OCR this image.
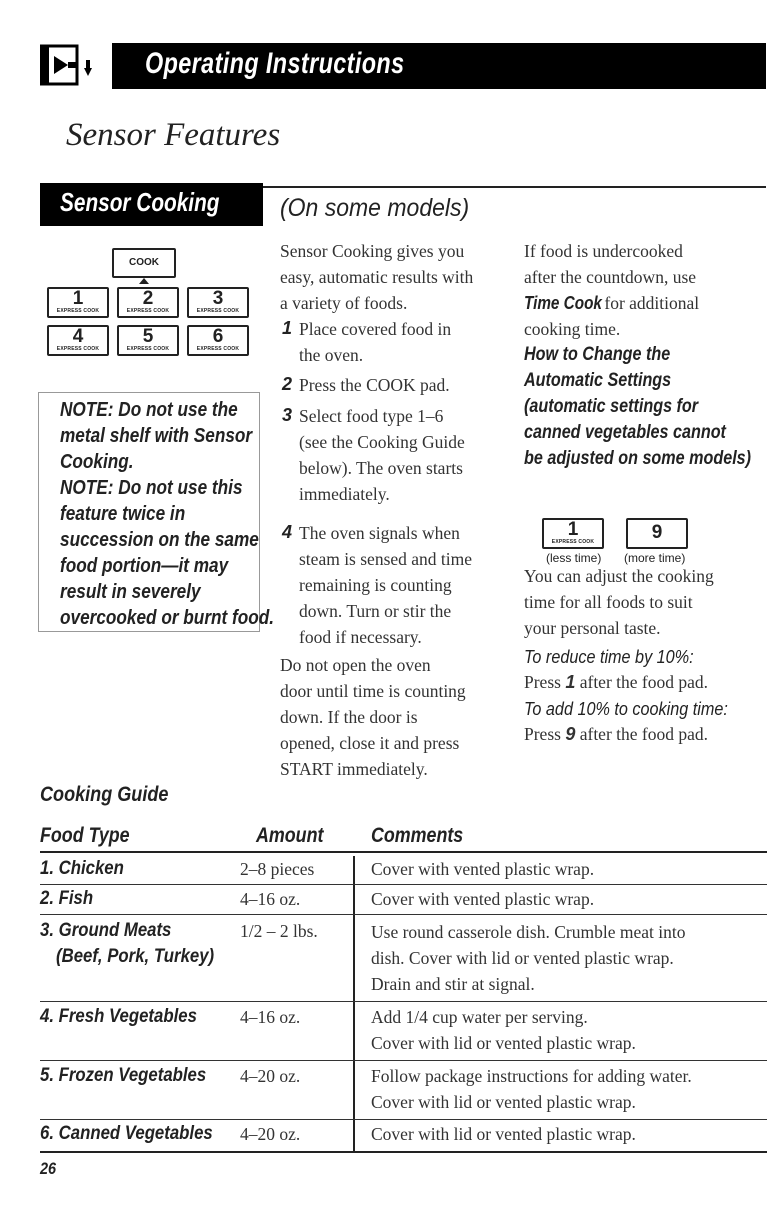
Operating Instructions
Sensor Features
Sensor Cooking (On some models)
COOK
1
EXPRESS COOK
2
EXPRESS COOK
3
EXPRESS COOK
4
EXPRESS COOK
5
EXPRESS COOK
6
EXPRESS COOK
NOTE: Do not use the
metal shelf with Sensor
Cooking.
NOTE: Do not use this
feature twice in
succession on the same
food portion—it may
result in severely
overcooked or burnt food.
Sensor Cooking gives you
easy, automatic results with
a variety of foods.
1 Place covered food in
the oven.
2 Press the COOK pad.
3 Select food type 1–6
(see the Cooking Guide
below). The oven starts
immediately.
4 The oven signals when
steam is sensed and time
remaining is counting
down. Turn or stir the
food if necessary.
Do not open the oven
door until time is counting
down. If the door is
opened, close it and press
START immediately.
If food is undercooked
after the countdown, use
Time Cook for additional
cooking time.
How to Change the
Automatic Settings
(automatic settings for
canned vegetables cannot
be adjusted on some models)
1
EXPRESS COOK	9
(less time) (more time)
You can adjust the cooking
time for all foods to suit
your personal taste.
To reduce time by 10%:
Press 1 after the food pad.
To add 10% to cooking time:
Press 9 after the food pad.
Cooking Guide
Food Type	Amount Comments
1. Chicken	2–8 pieces	Cover with vented plastic wrap.
2. Fish	4–16 oz.	Cover with vented plastic wrap.
3. Ground Meats
(Beef, Pork, Turkey)
1/2 – 2 lbs.	Use round casserole dish. Crumble meat into
dish. Cover with lid or vented plastic wrap.
Drain and stir at signal.
4. Fresh Vegetables 4–16 oz.	Add 1/4 cup water per serving.
Cover with lid or vented plastic wrap.
5. Frozen Vegetables 4–20 oz.	Follow package instructions for adding water.
Cover with lid or vented plastic wrap.
6. Canned Vegetables 4–20 oz.	Cover with lid or vented plastic wrap.
26
